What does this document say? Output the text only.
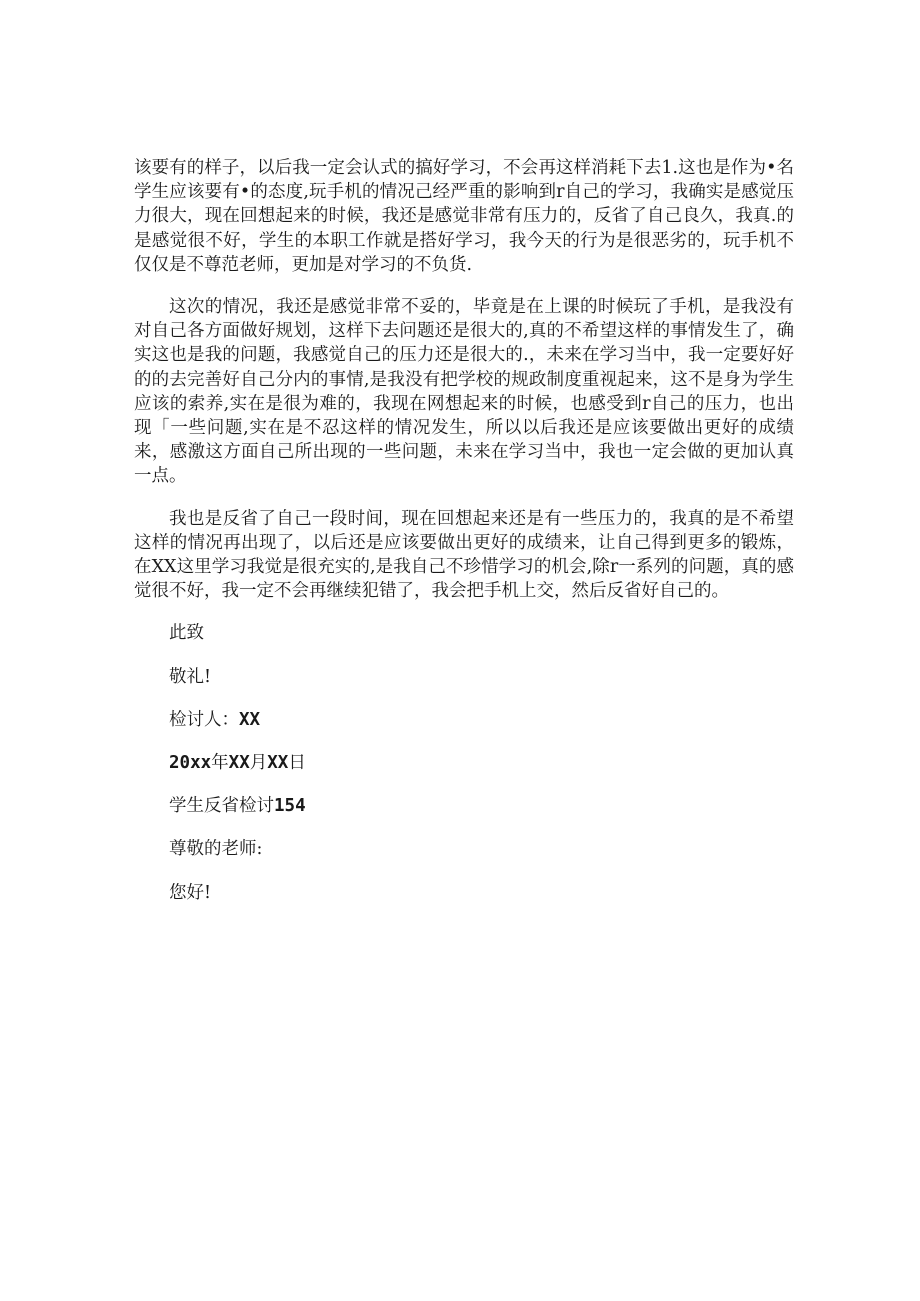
该要有的样子，以后我一定会认式的搞好学习，不会再这样消耗下去1.这也是作为•名学生应该要有•的态度,玩手机的情况己经严重的影响到r自己的学习，我确实是感觉压力很大，现在回想起来的时候，我还是感觉非常有压力的，反省了自己良久，我真.的是感觉很不好，学生的本职工作就是搭好学习，我今天的行为是很恶劣的，玩手机不仅仅是不尊范老师，更加是对学习的不负货.

这次的情况，我还是感觉非常不妥的，毕竟是在上课的时候玩了手机，是我没有对自己各方面做好规划，这样下去问题还是很大的,真的不希望这样的事情发生了，确实这也是我的问题，我感觉自己的压力还是很大的.，未来在学习当中，我一定要好好的的去完善好自己分内的事情,是我没有把学校的规政制度重视起来，这不是身为学生应该的索养,实在是很为难的，我现在网想起来的时候，也感受到r自己的压力，也出现「一些问题,实在是不忍这样的情况发生，所以以后我还是应该要做出更好的成绩来，感激这方面自己所出现的一些问题，未来在学习当中，我也一定会做的更加认真一点。

我也是反省了自己一段时间，现在回想起来还是有一些压力的，我真的是不希望这样的情况再出现了，以后还是应该要做出更好的成绩来，让自己得到更多的锻炼，在XX这里学习我觉是很充实的,是我自己不珍惜学习的机会,除r一系列的问题，真的感觉很不好，我一定不会再继续犯错了，我会把手机上交，然后反省好自己的。

此致

敬礼!

检讨人：XX

20xx年XX月XX日

学生反省检讨154

尊敬的老师:

您好!
